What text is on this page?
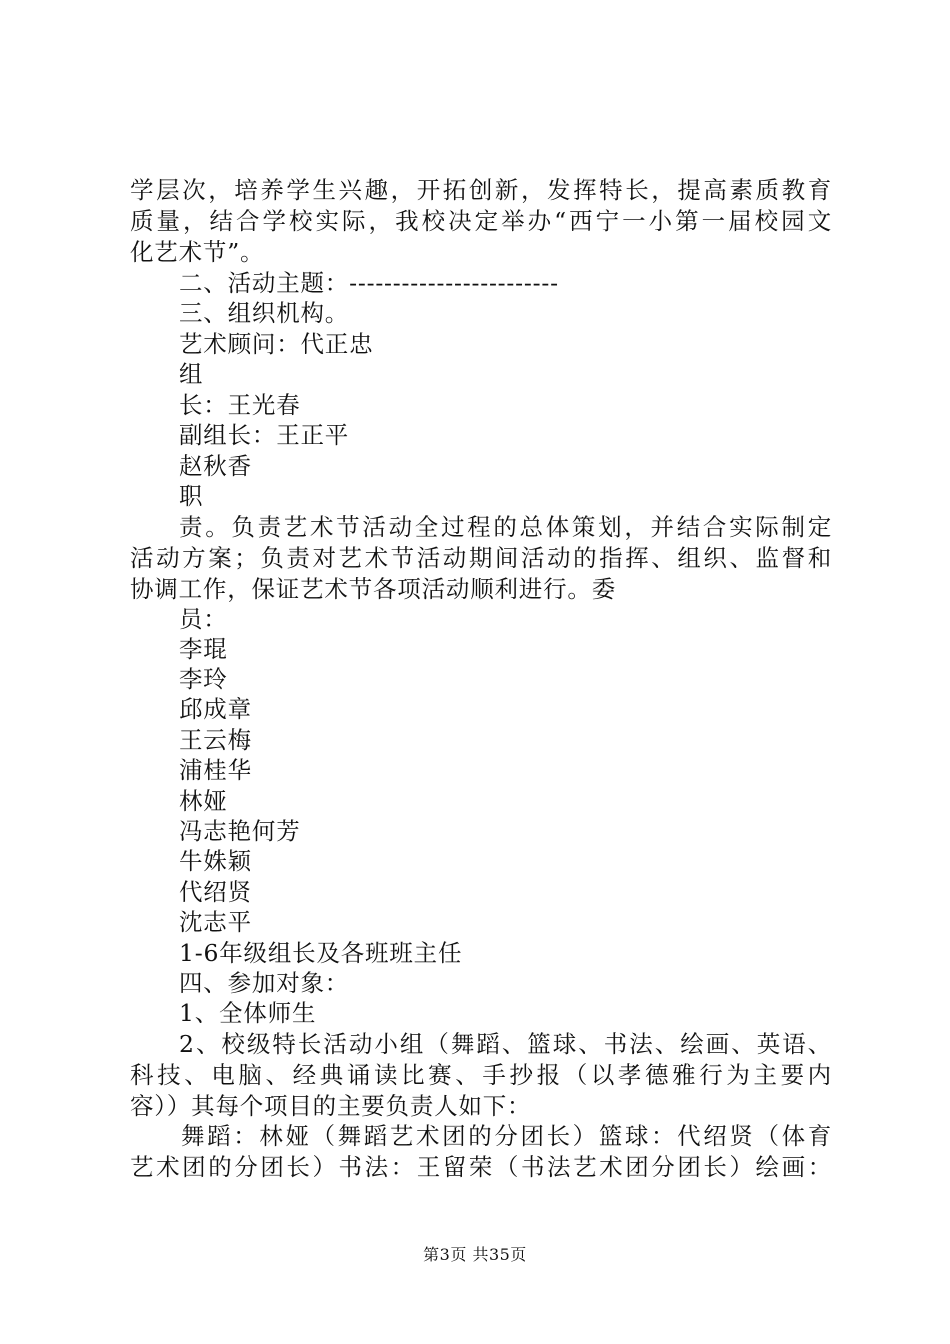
学层次，培养学生兴趣，开拓创新，发挥特长，提高素质教育
质量，结合学校实际，我校决定举办“西宁一小第一届校园文
化艺术节”。
二、活动主题：------------------------
三、组织机构。
艺术顾问：代正忠
组
长：王光春
副组长：王正平
赵秋香
职
责。负责艺术节活动全过程的总体策划，并结合实际制定
活动方案；负责对艺术节活动期间活动的指挥、组织、监督和
协调工作，保证艺术节各项活动顺利进行。委
员：
李琨
李玲
邱成章
王云梅
浦桂华
林娅
冯志艳何芳
牛姝颖
代绍贤
沈志平
1-6年级组长及各班班主任
四、参加对象：
1、全体师生
2、校级特长活动小组（舞蹈、篮球、书法、绘画、英语、
科技、电脑、经典诵读比赛、手抄报（以孝德雅行为主要内
容））其每个项目的主要负责人如下：
舞蹈：林娅（舞蹈艺术团的分团长）篮球：代绍贤（体育
艺术团的分团长）书法：王留荣（书法艺术团分团长）绘画：
第3页 共35页
